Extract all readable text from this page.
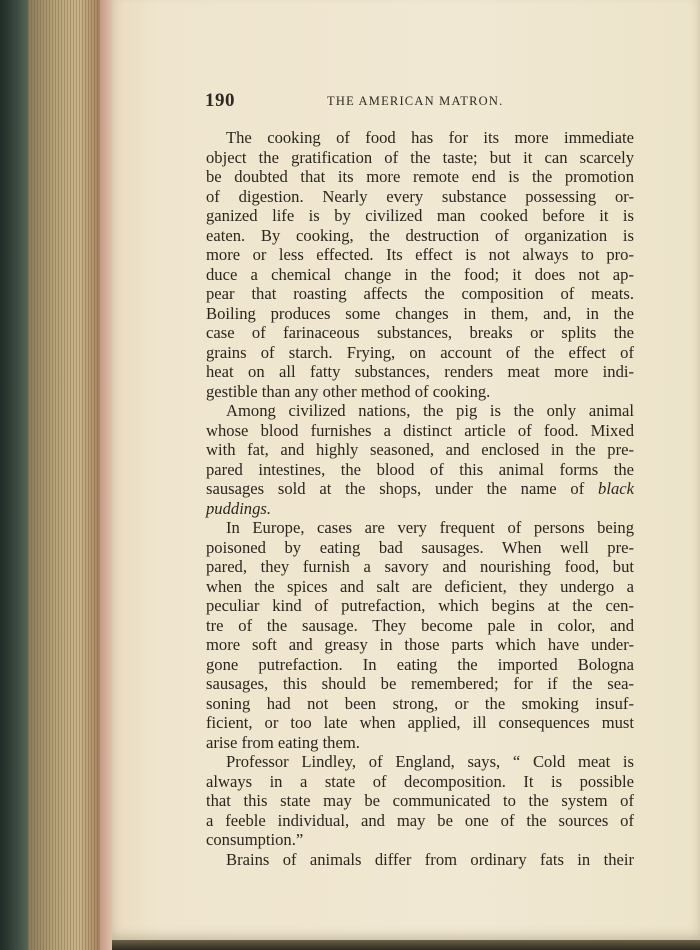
190	THE AMERICAN MATRON.
The cooking of food has for its more immediate
object the gratification of the taste; but it can scarcely
be doubted that its more remote end is the promotion
of digestion. Nearly every substance possessing or-
ganized life is by civilized man cooked before it is
eaten. By cooking, the destruction of organization is
more or less effected. Its effect is not always to pro-
duce a chemical change in the food; it does not ap-
pear that roasting affects the composition of meats.
Boiling produces some changes in them, and, in the
case of farinaceous substances, breaks or splits the
grains of starch. Frying, on account of the effect of
heat on all fatty substances, renders meat more indi-
gestible than any other method of cooking.
Among civilized nations, the pig is the only animal
whose blood furnishes a distinct article of food. Mixed
with fat, and highly seasoned, and enclosed in the pre-
pared intestines, the blood of this animal forms the
sausages sold at the shops, under the name of black
puddings.
In Europe, cases are very frequent of persons being
poisoned by eating bad sausages. When well pre-
pared, they furnish a savory and nourishing food, but
when the spices and salt are deficient, they undergo a
peculiar kind of putrefaction, which begins at the cen-
tre of the sausage. They become pale in color, and
more soft and greasy in those parts which have under-
gone putrefaction. In eating the imported Bologna
sausages, this should be remembered; for if the sea-
soning had not been strong, or the smoking insuf-
ficient, or too late when applied, ill consequences must
arise from eating them.
Professor Lindley, of England, says, “ Cold meat is
always in a state of decomposition. It is possible
that this state may be communicated to the system of
a feeble individual, and may be one of the sources of
consumption.”
Brains of animals differ from ordinary fats in their
